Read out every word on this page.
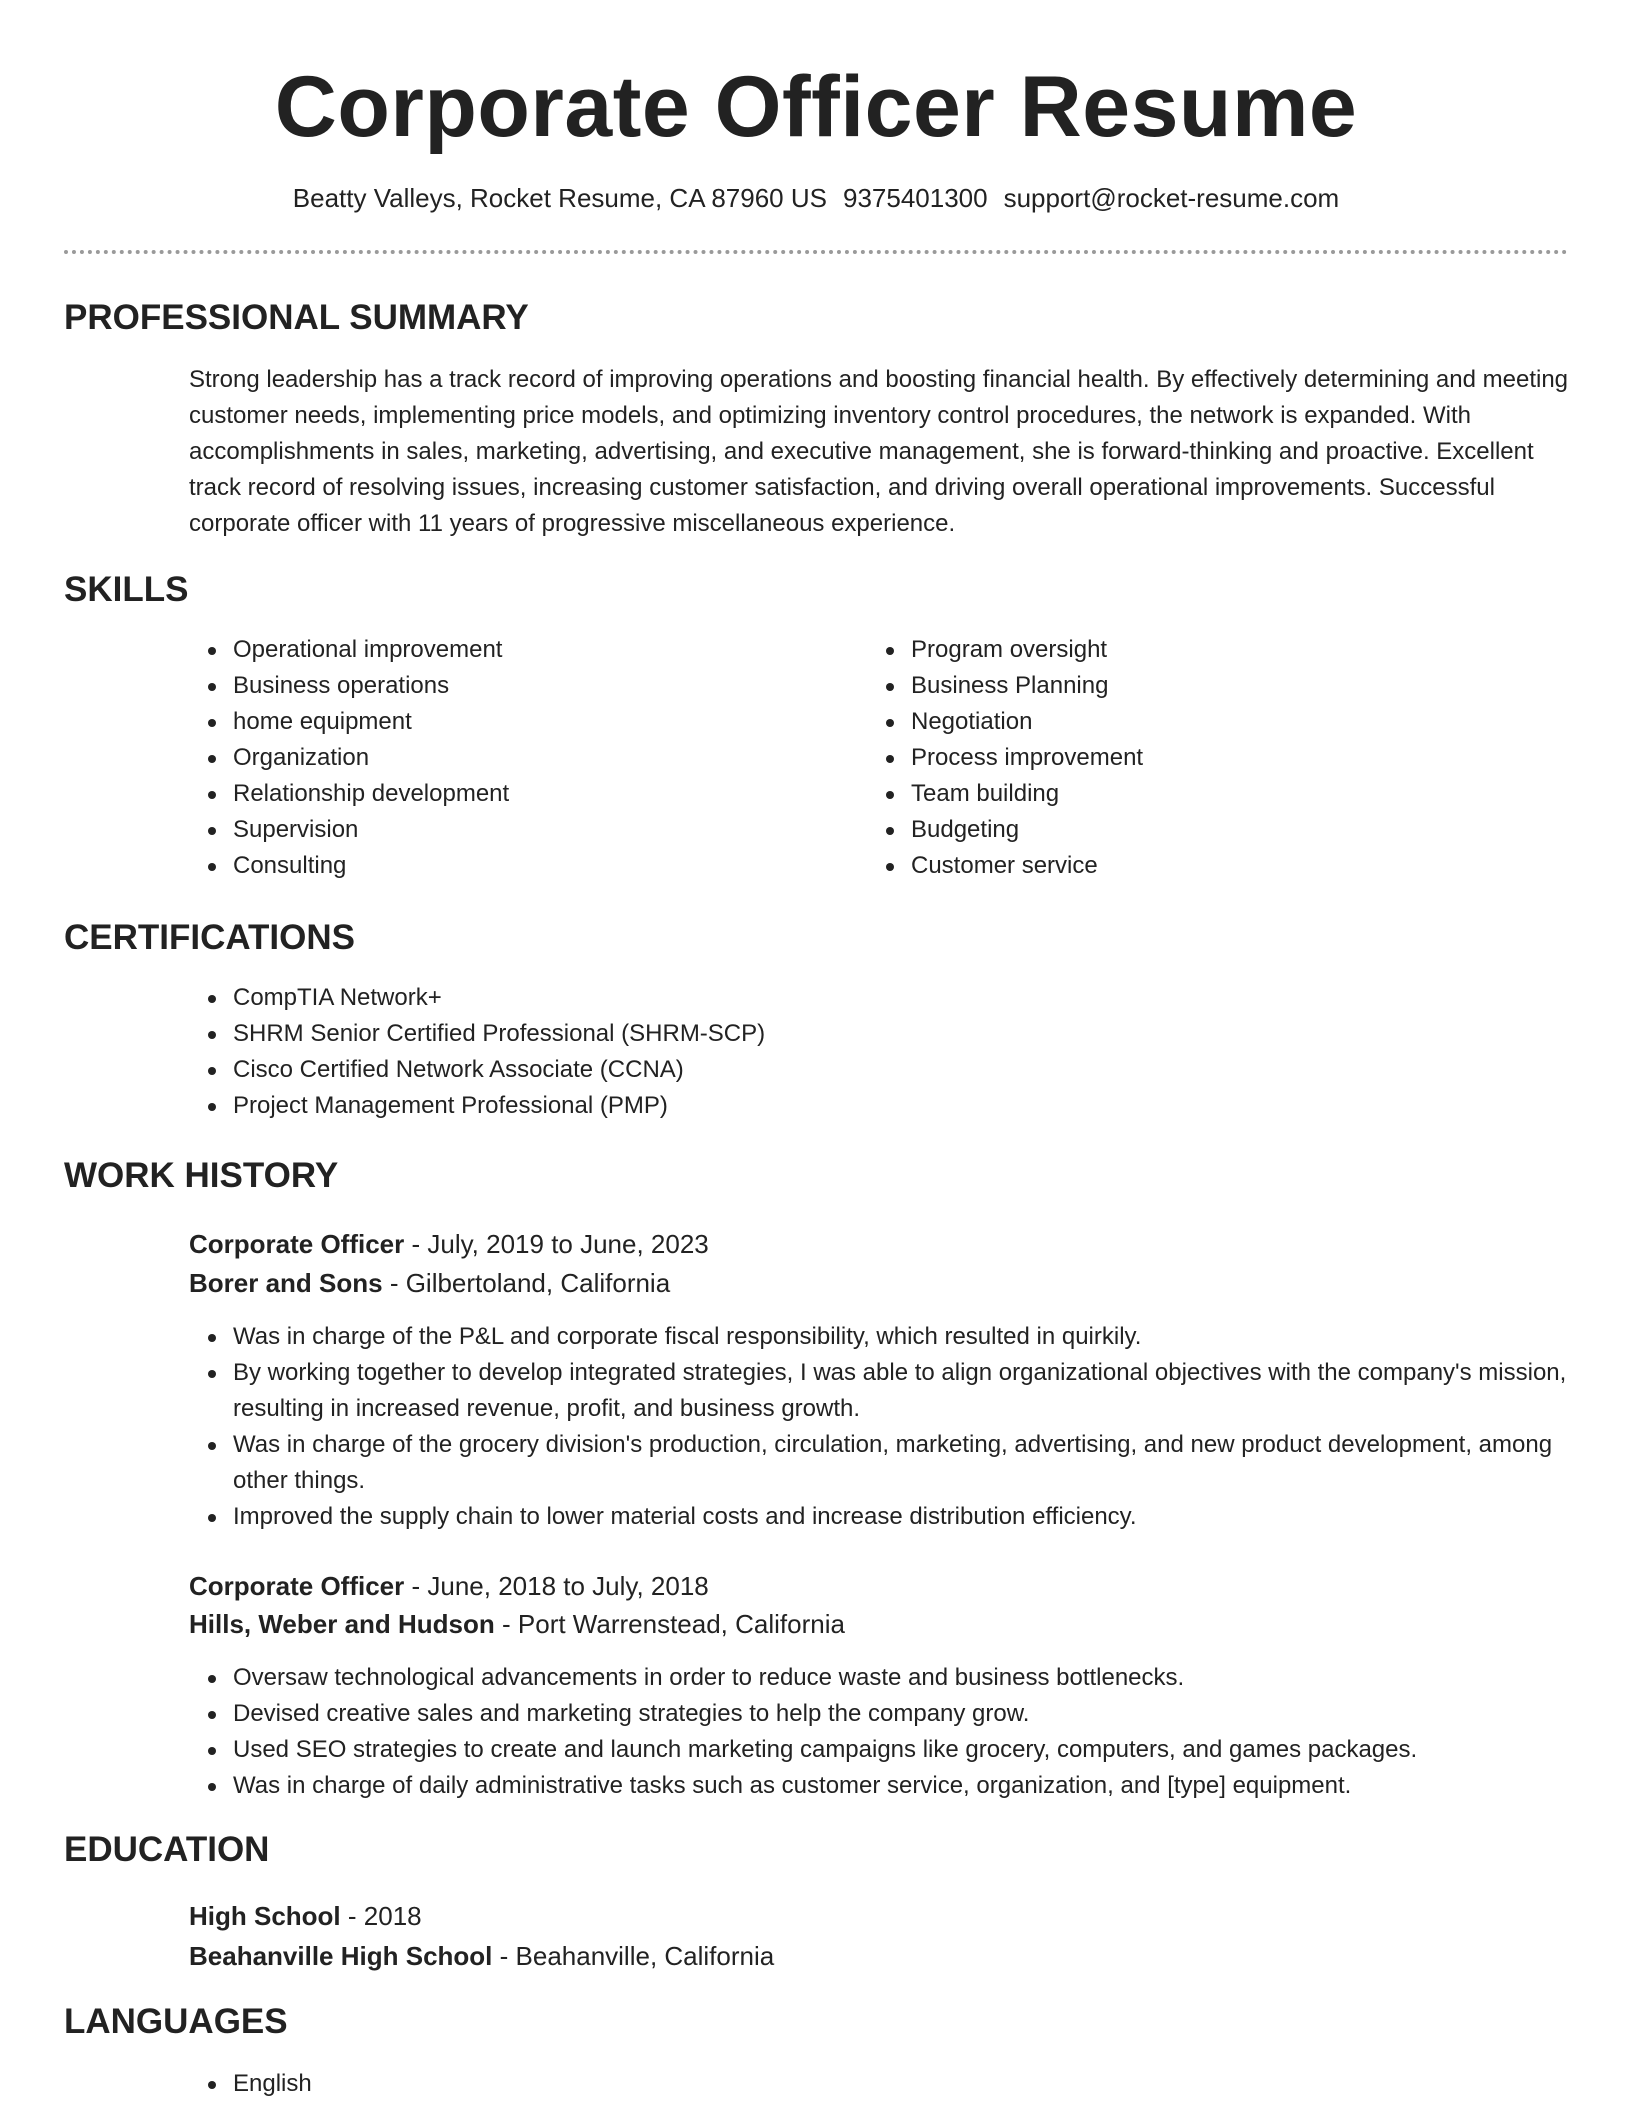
Corporate Officer Resume
Beatty Valleys, Rocket Resume, CA 87960 US 9375401300 support@rocket-resume.com
PROFESSIONAL SUMMARY
Strong leadership has a track record of improving operations and boosting financial health. By effectively determining and meeting customer needs, implementing price models, and optimizing inventory control procedures, the network is expanded. With accomplishments in sales, marketing, advertising, and executive management, she is forward-thinking and proactive. Excellent track record of resolving issues, increasing customer satisfaction, and driving overall operational improvements. Successful corporate officer with 11 years of progressive miscellaneous experience.
SKILLS
Operational improvement
Business operations
home equipment
Organization
Relationship development
Supervision
Consulting
Program oversight
Business Planning
Negotiation
Process improvement
Team building
Budgeting
Customer service
CERTIFICATIONS
CompTIA Network+
SHRM Senior Certified Professional (SHRM-SCP)
Cisco Certified Network Associate (CCNA)
Project Management Professional (PMP)
WORK HISTORY
Corporate Officer - July, 2019 to June, 2023
Borer and Sons - Gilbertoland, California
Was in charge of the P&L and corporate fiscal responsibility, which resulted in quirkily.
By working together to develop integrated strategies, I was able to align organizational objectives with the company's mission, resulting in increased revenue, profit, and business growth.
Was in charge of the grocery division's production, circulation, marketing, advertising, and new product development, among other things.
Improved the supply chain to lower material costs and increase distribution efficiency.
Corporate Officer - June, 2018 to July, 2018
Hills, Weber and Hudson - Port Warrenstead, California
Oversaw technological advancements in order to reduce waste and business bottlenecks.
Devised creative sales and marketing strategies to help the company grow.
Used SEO strategies to create and launch marketing campaigns like grocery, computers, and games packages.
Was in charge of daily administrative tasks such as customer service, organization, and [type] equipment.
EDUCATION
High School - 2018
Beahanville High School - Beahanville, California
LANGUAGES
English
